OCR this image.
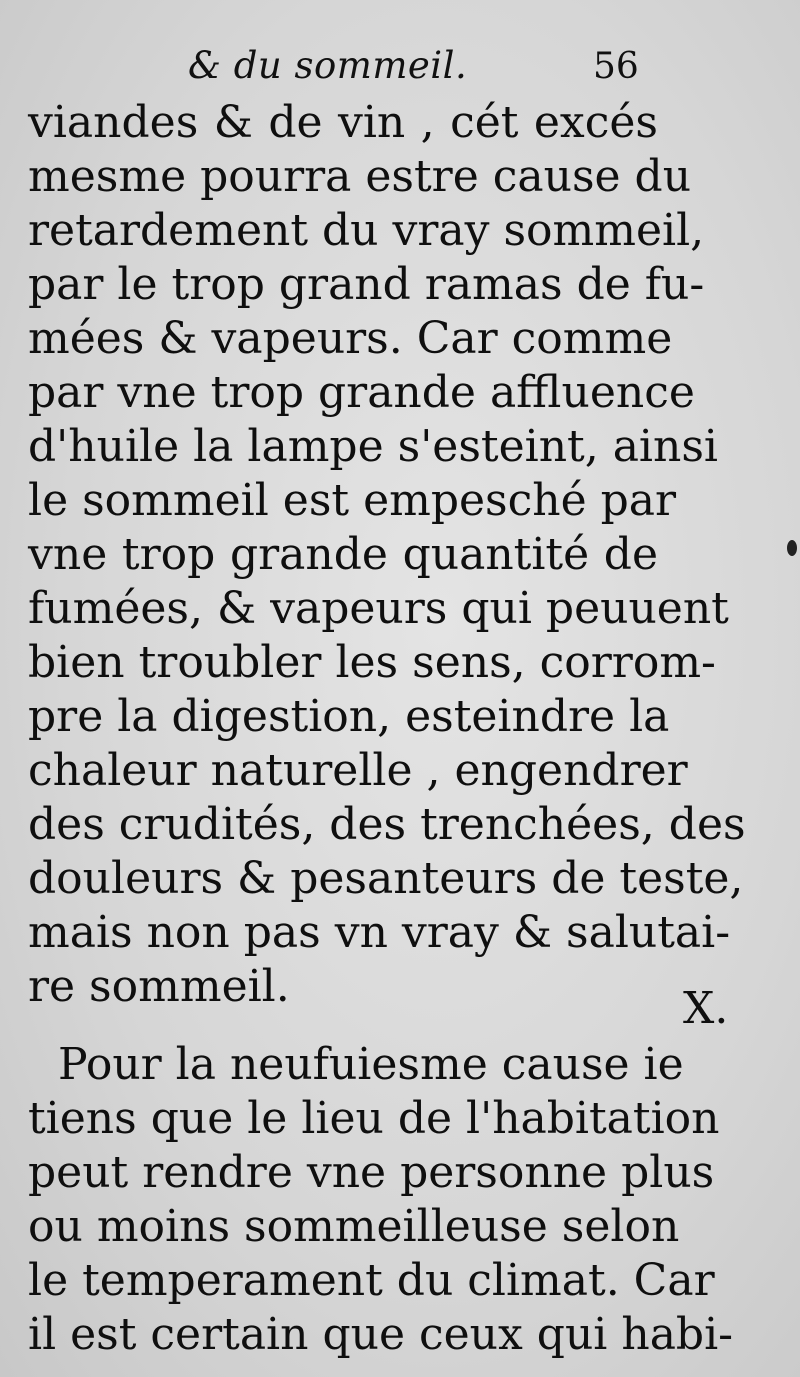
& du sommeil.	56
viandes & de vin , cét excés
mesme pourra estre cause du
retardement du vray sommeil,
par le trop grand ramas de fu-
mées & vapeurs. Car comme
par vne trop grande affluence
d'huile la lampe s'esteint, ainsi
le sommeil est empesché par
vne trop grande quantité de
fumées, & vapeurs qui peuuent
bien troubler les sens, corrom-
pre la digestion, esteindre la
chaleur naturelle , engendrer
des crudités, des trenchées, des
douleurs & pesanteurs de teste,
mais non pas vn vray & salutai-
re sommeil.
Pour la neufuiesme cause ie
tiens que le lieu de l'habitation
peut rendre vne personne plus
ou moins sommeilleuse selon
le temperament du climat. Car
il est certain que ceux qui habi-
X.
